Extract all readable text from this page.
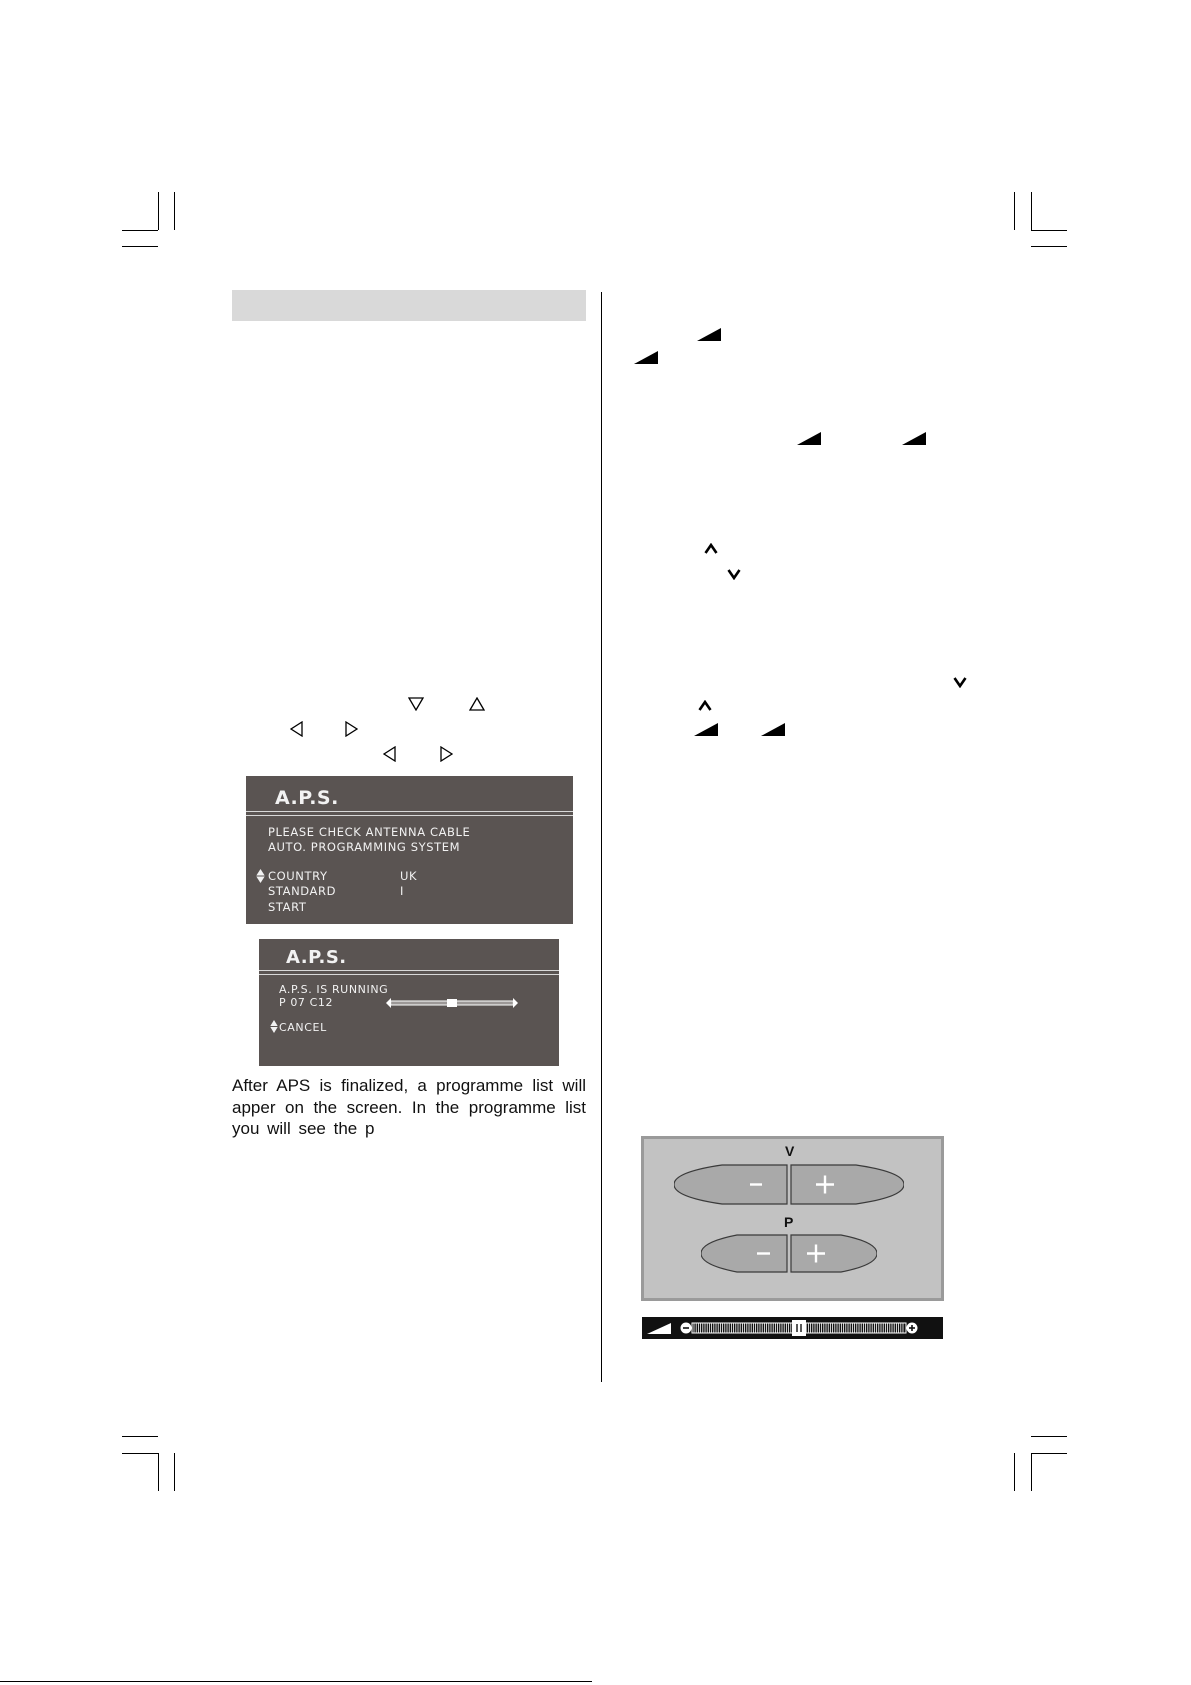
A.P.S.
PLEASE CHECK ANTENNA CABLE
AUTO. PROGRAMMING SYSTEM
COUNTRY	UK
STANDARD	I
START
A.P.S.
A.P.S. IS RUNNING
P 07 C12
CANCEL
After APS is finalized, a programme list will
apper on the screen. In the programme list
you will see the p
V
P
